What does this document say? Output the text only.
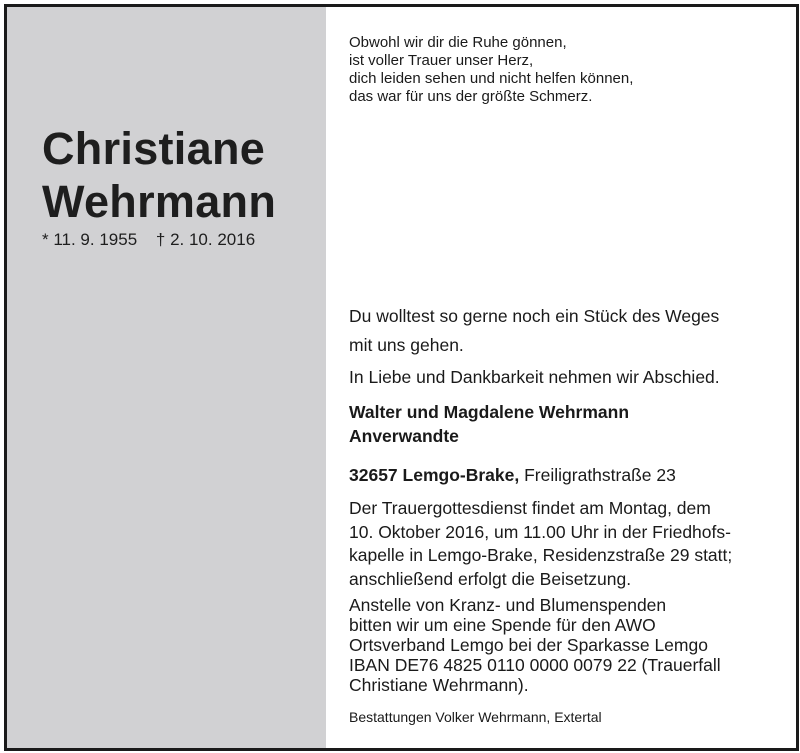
Christiane
Wehrmann
* 11. 9. 1955 † 2. 10. 2016
Obwohl wir dir die Ruhe gönnen,
ist voller Trauer unser Herz,
dich leiden sehen und nicht helfen können,
das war für uns der größte Schmerz.
Du wolltest so gerne noch ein Stück des Weges
mit uns gehen.
In Liebe und Dankbarkeit nehmen wir Abschied.
Walter und Magdalene Wehrmann
Anverwandte
32657 Lemgo-Brake, Freiligrathstraße 23
Der Trauergottesdienst findet am Montag, dem
10. Oktober 2016, um 11.00 Uhr in der Friedhofs-
kapelle in Lemgo-Brake, Residenzstraße 29 statt;
anschließend erfolgt die Beisetzung.
Anstelle von Kranz- und Blumenspenden
bitten wir um eine Spende für den AWO
Ortsverband Lemgo bei der Sparkasse Lemgo
IBAN DE76 4825 0110 0000 0079 22 (Trauerfall
Christiane Wehrmann).
Bestattungen Volker Wehrmann, Extertal
